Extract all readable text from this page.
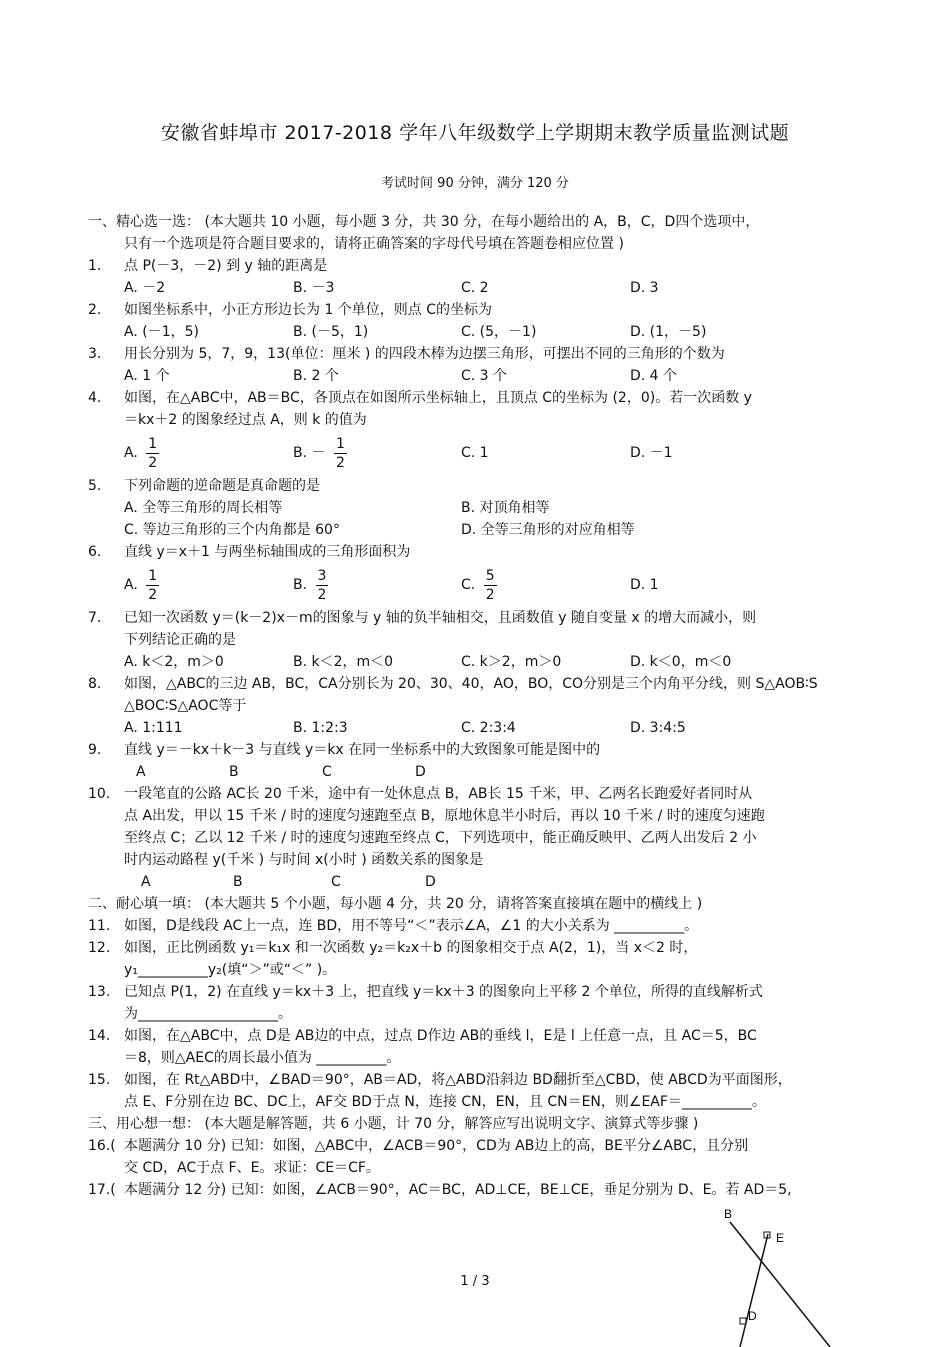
安徽省蚌埠市 2017-2018 学年八年级数学上学期期末教学质量监测试题
考试时间 90 分钟，满分 120 分
一、精心选一选： (本大题共 10 小题，每小题 3 分，共 30 分，在每小题给出的 A，B，C，D四个选项中，
只有一个选项是符合题目要求的，请将正确答案的字母代号填在答题卷相应位置 )
1. 点 P(－3，－2) 到 y 轴的距离是
A. －2	B. －3	C. 2	D. 3
2. 如图坐标系中，小正方形边长为 1 个单位，则点 C的坐标为
A. (－1，5)	B. (－5，1)	C. (5，－1)	D. (1，－5)
3. 用长分别为 5，7，9，13(单位：厘米 ) 的四段木棒为边摆三角形，可摆出不同的三角形的个数为
A. 1 个	B. 2 个	C. 3 个	D. 4 个
4. 如图，在△ABC中，AB＝BC，各顶点在如图所示坐标轴上，且顶点 C的坐标为 (2，0)。若一次函数 y
＝kx＋2 的图象经过点 A，则 k 的值为
A. $\frac{1}{2}$	B. － $\frac{1}{2}$	C. 1	D. －1
5. 下列命题的逆命题是真命题的是
A. 全等三角形的周长相等	B. 对顶角相等
C. 等边三角形的三个内角都是 60°	D. 全等三角形的对应角相等
6. 直线 y＝x＋1 与两坐标轴围成的三角形面积为
A. $\frac{1}{2}$	B. $\frac{3}{2}$	C. $\frac{5}{2}$	D. 1
7. 已知一次函数 y＝(k－2)x－m的图象与 y 轴的负半轴相交，且函数值 y 随自变量 x 的增大而减小，则
下列结论正确的是
A. k＜2，m＞0	B. k＜2，m＜0	C. k＞2，m＞0	D. k＜0，m＜0
8. 如图，△ABC的三边 AB，BC，CA分别长为 20、30、40，AO，BO，CO分别是三个内角平分线，则 S△AOB∶S
△BOC∶S△AOC等于
A. 1:111	B. 1:2:3	C. 2:3:4	D. 3:4:5
9. 直线 y＝－kx＋k－3 与直线 y＝kx 在同一坐标系中的大致图象可能是图中的
A	B	C	D
10. 一段笔直的公路 AC长 20 千米，途中有一处休息点 B，AB长 15 千米，甲、乙两名长跑爱好者同时从
点 A出发，甲以 15 千米 / 时的速度匀速跑至点 B，原地休息半小时后，再以 10 千米 / 时的速度匀速跑
至终点 C；乙以 12 千米 / 时的速度匀速跑至终点 C，下列选项中，能正确反映甲、乙两人出发后 2 小
时内运动路程 y(千米 ) 与时间 x(小时 ) 函数关系的图象是
A	B	C	D
二、耐心填一填： (本大题共 5 个小题，每小题 4 分，共 20 分，请将答案直接填在题中的横线上 )
11. 如图，D是线段 AC上一点，连 BD，用不等号“＜”表示∠A，∠1 的大小关系为 __________。
12. 如图，正比例函数 y₁＝k₁x 和一次函数 y₂＝k₂x＋b 的图象相交于点 A(2，1)，当 x＜2 时，
y₁__________y₂(填“＞”或“＜” )。
13. 已知点 P(1，2) 在直线 y＝kx＋3 上，把直线 y＝kx＋3 的图象向上平移 2 个单位，所得的直线解析式
为____________________。
14. 如图，在△ABC中，点 D是 AB边的中点，过点 D作边 AB的垂线 l，E是 l 上任意一点，且 AC＝5，BC
＝8，则△AEC的周长最小值为 __________。
15. 如图，在 Rt△ABD中，∠BAD＝90°，AB＝AD，将△ABD沿斜边 BD翻折至△CBD，使 ABCD为平面图形，
点 E、F分别在边 BC、DC上，AF交 BD于点 N，连接 CN，EN，且 CN＝EN，则∠EAF＝__________。
三、用心想一想： (本大题是解答题，共 6 小题，计 70 分，解答应写出说明文字、演算式等步骤 )
16.( 本题满分 10 分) 已知：如图，△ABC中，∠ACB＝90°，CD为 AB边上的高，BE平分∠ABC，且分别
交 CD，AC于点 F、E。求证：CE＝CF。
17.( 本题满分 12 分) 已知：如图，∠ACB＝90°，AC＝BC，AD⊥CE，BE⊥CE，垂足分别为 D、E。若 AD＝5,
B
E
D
1 / 3
